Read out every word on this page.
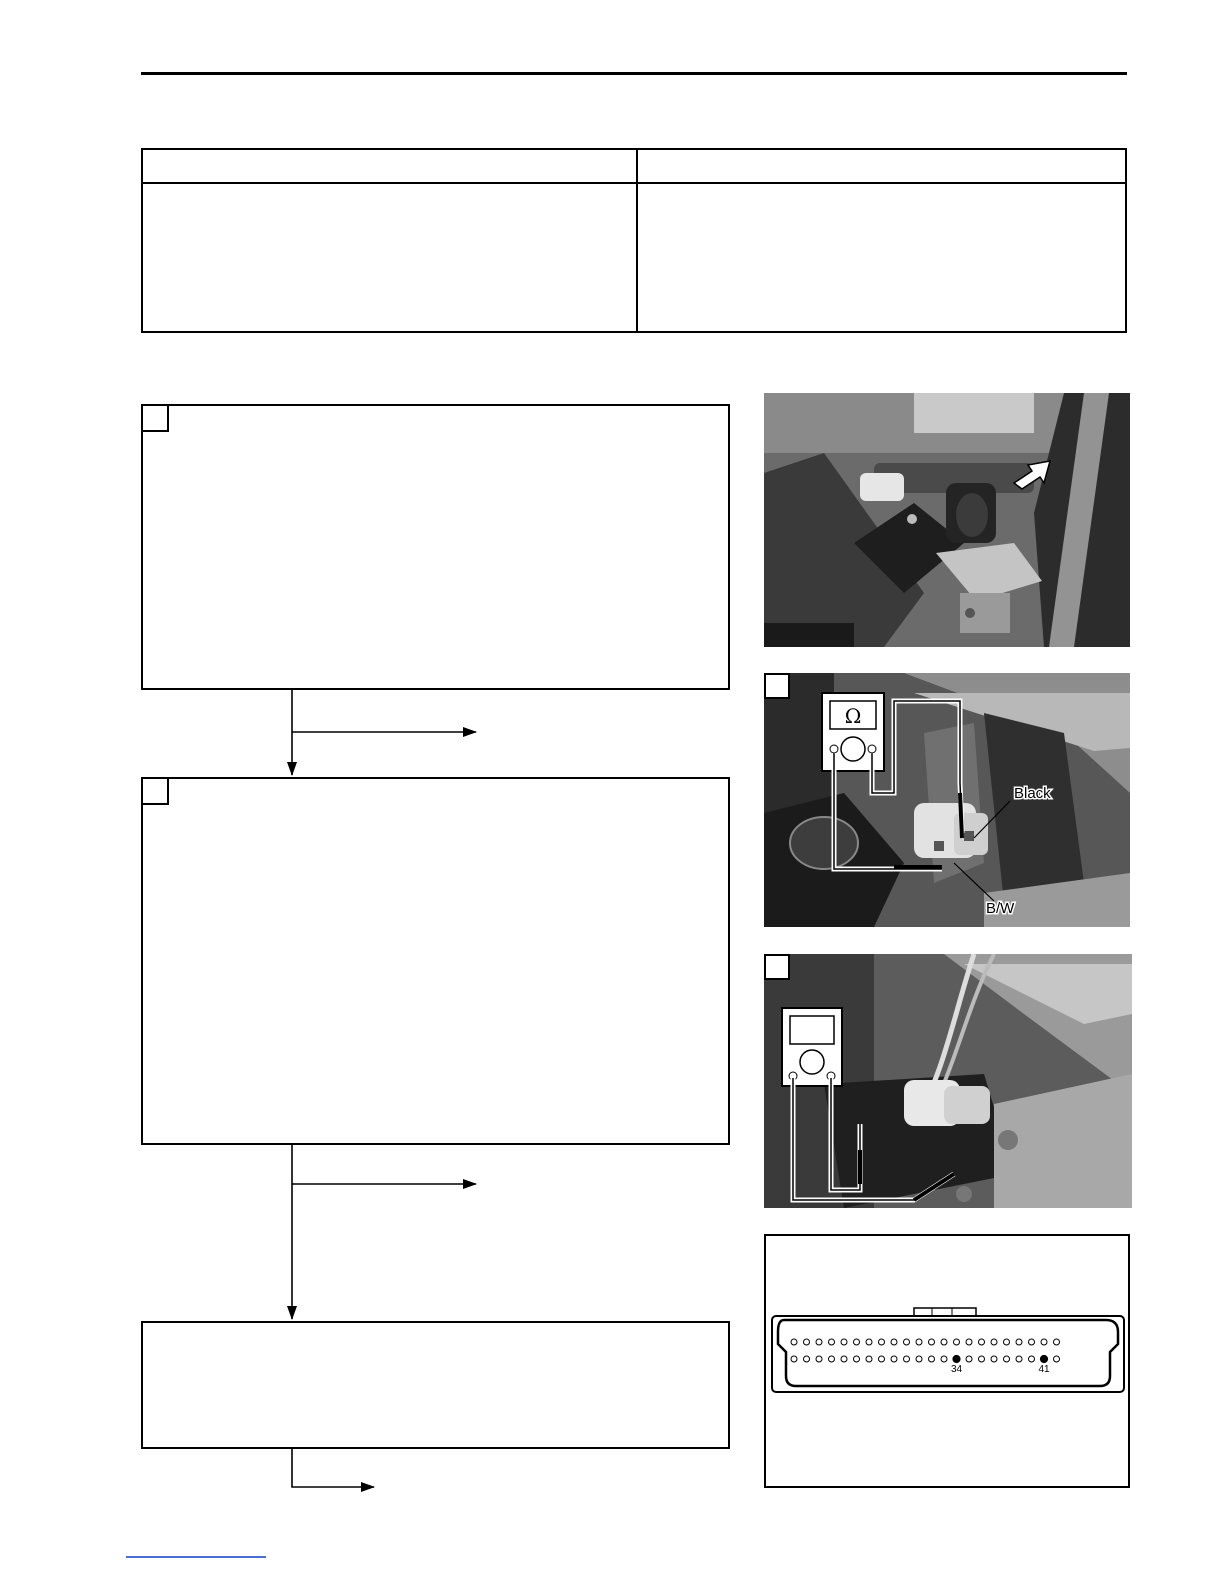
Ω
Black
B/W
34	41
